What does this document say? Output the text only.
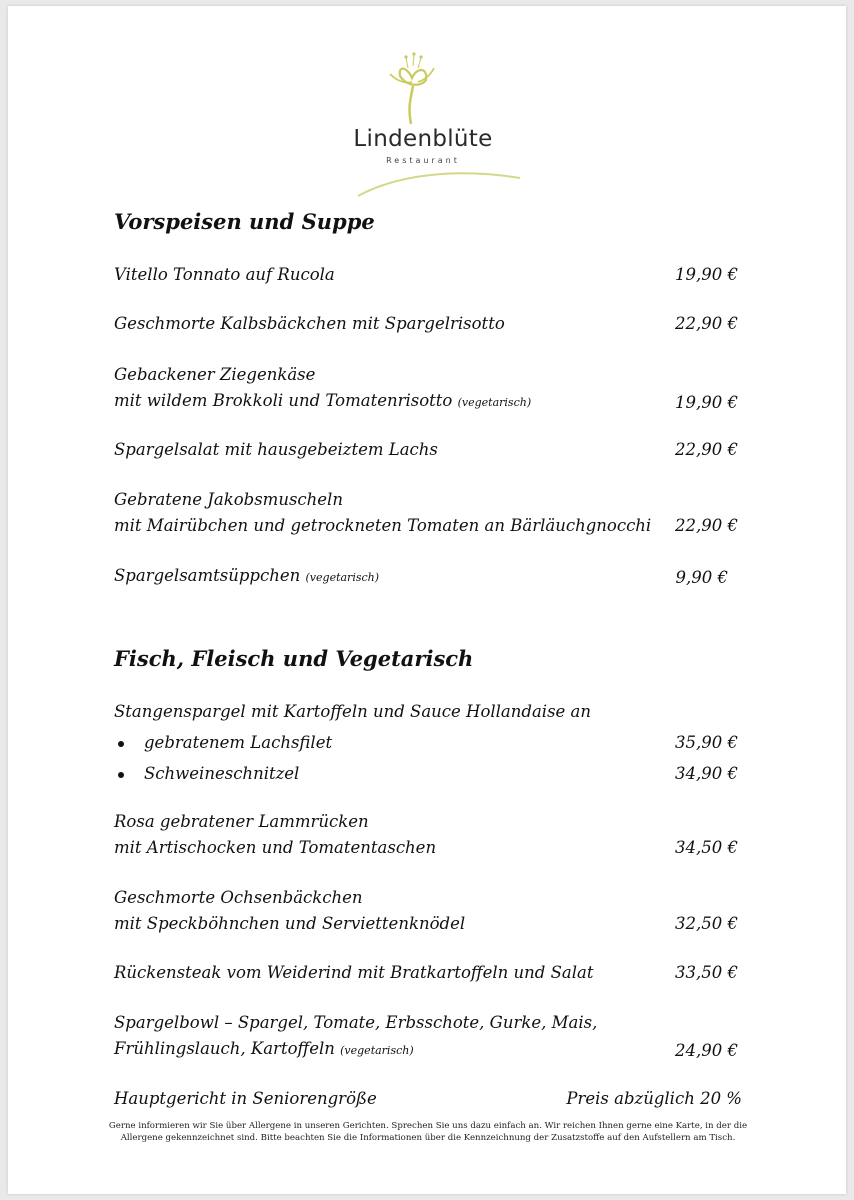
Lindenblüte
Restaurant
Vorspeisen und Suppe
Vitello Tonnato auf Rucola	19,90 €
Geschmorte Kalbsbäckchen mit Spargelrisotto	22,90 €
Gebackener Ziegenkäse
mit wildem Brokkoli und Tomatenrisotto (vegetarisch)	19,90 €
Spargelsalat mit hausgebeiztem Lachs	22,90 €
Gebratene Jakobsmuscheln
mit Mairübchen und getrockneten Tomaten an Bärläuchgnocchi	22,90 €
Spargelsamtsüppchen (vegetarisch)	9,90 €
Fisch, Fleisch und Vegetarisch
Stangenspargel mit Kartoffeln und Sauce Hollandaise an
gebratenem Lachsfilet	35,90 €
Schweineschnitzel	34,90 €
Rosa gebratener Lammrücken
mit Artischocken und Tomatentaschen	34,50 €
Geschmorte Ochsenbäckchen
mit Speckböhnchen und Serviettenknödel	32,50 €
Rückensteak vom Weiderind mit Bratkartoffeln und Salat	33,50 €
Spargelbowl – Spargel, Tomate, Erbsschote, Gurke, Mais,
Frühlingslauch, Kartoffeln (vegetarisch)	24,90 €
Hauptgericht in Seniorengröße	Preis abzüglich 20 %
Gerne informieren wir Sie über Allergene in unseren Gerichten. Sprechen Sie uns dazu einfach an. Wir reichen Ihnen gerne eine Karte, in der die
Allergene gekennzeichnet sind. Bitte beachten Sie die Informationen über die Kennzeichnung der Zusatzstoffe auf den Aufstellern am Tisch.
